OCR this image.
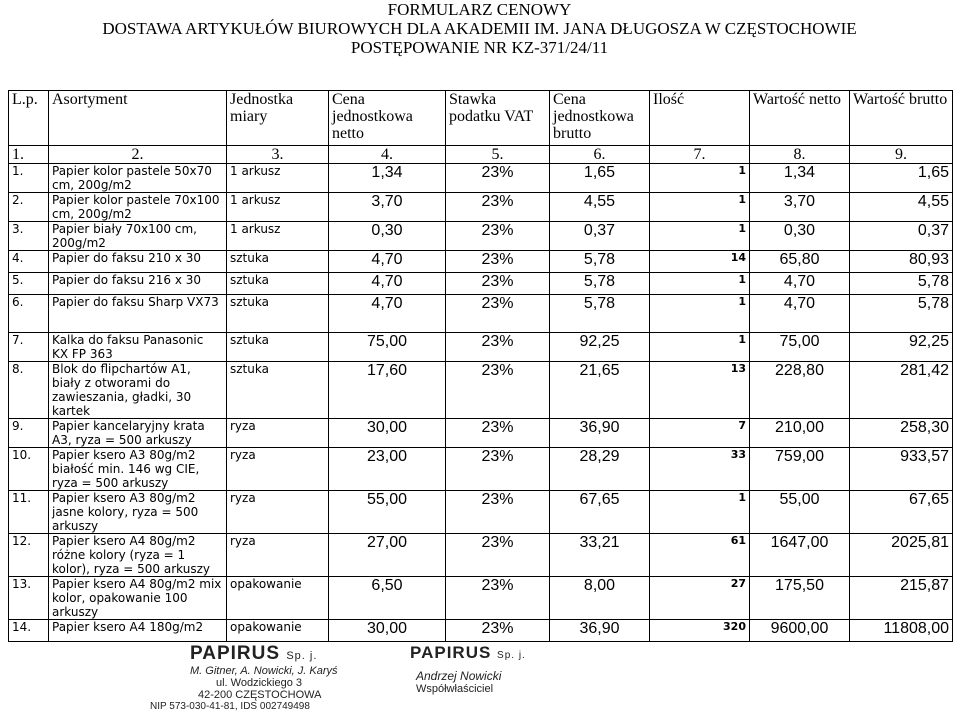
FORMULARZ CENOWY
DOSTAWA ARTYKUŁÓW BIUROWYCH DLA AKADEMII IM. JANA DŁUGOSZA W CZĘSTOCHOWIE
POSTĘPOWANIE NR KZ-371/24/11
L.p.	Asortyment	Jednostka miary	Cena jednostkowa netto	Stawka podatku VAT	Cena jednostkowa brutto	Ilość	Wartość netto	Wartość brutto
1.	2.	3.	4.	5.	6.	7.	8.	9.
1.	Papier kolor pastele 50x70 cm, 200g/m2	1 arkusz	1,34	23%	1,65	1	1,34	1,65
2.	Papier kolor pastele 70x100 cm, 200g/m2	1 arkusz	3,70	23%	4,55	1	3,70	4,55
3.	Papier biały 70x100 cm, 200g/m2	1 arkusz	0,30	23%	0,37	1	0,30	0,37
4.	Papier do faksu 210 x 30	sztuka	4,70	23%	5,78	14	65,80	80,93
5.	Papier do faksu 216 x 30	sztuka	4,70	23%	5,78	1	4,70	5,78
6.	Papier do faksu Sharp VX73	sztuka	4,70	23%	5,78	1	4,70	5,78
7.	Kalka do faksu Panasonic KX FP 363	sztuka	75,00	23%	92,25	1	75,00	92,25
8.	Blok do flipchartów A1, biały z otworami do zawieszania, gładki, 30 kartek	sztuka	17,60	23%	21,65	13	228,80	281,42
9.	Papier kancelaryjny krata A3, ryza = 500 arkuszy	ryza	30,00	23%	36,90	7	210,00	258,30
10.	Papier ksero A3 80g/m2 białość min. 146 wg CIE, ryza = 500 arkuszy	ryza	23,00	23%	28,29	33	759,00	933,57
11.	Papier ksero A3 80g/m2 jasne kolory, ryza = 500 arkuszy	ryza	55,00	23%	67,65	1	55,00	67,65
12.	Papier ksero A4 80g/m2 różne kolory (ryza = 1 kolor), ryza = 500 arkuszy	ryza	27,00	23%	33,21	61	1647,00	2025,81
13.	Papier ksero A4 80g/m2 mix kolor, opakowanie 100 arkuszy	opakowanie	6,50	23%	8,00	27	175,50	215,87
14.	Papier ksero A4 180g/m2	opakowanie	30,00	23%	36,90	320	9600,00	11808,00
PAPIRUS Sp. j.
M. Gitner, A. Nowicki, J. Karyś
ul. Wodzickiego 3
42-200 CZĘSTOCHOWA
NIP 573-030-41-81, IDS 002749498
PAPIRUS Sp. j.
Andrzej Nowicki
Współwłaściciel
